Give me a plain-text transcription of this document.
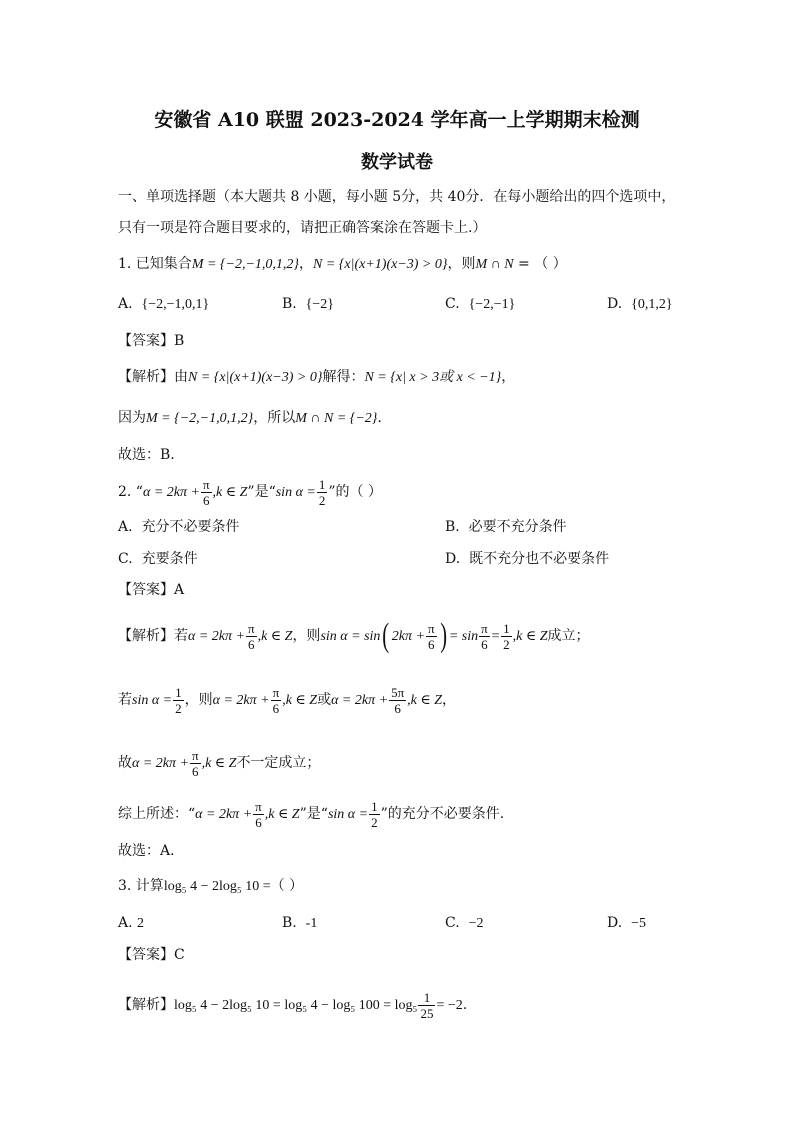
安徽省 A10 联盟 2023-2024 学年高一上学期期末检测
数学试卷
一、单项选择题（本大题共 8 小题，每小题 5分，共 40分．在每小题给出的四个选项中，
只有一项是符合题目要求的，请把正确答案涂在答题卡上.）
1. 已知集合M = {−2,−1,0,1,2}，N = {x|(x+1)(x−3) > 0}，则M ∩ N = （ ）
A. {−2,−1,0,1}	B. {−2}	C. {−2,−1}	D. {0,1,2}
【答案】B
【解析】由N = {x|(x+1)(x−3) > 0}解得：N = {x| x > 3或 x < −1}，
因为M = {−2,−1,0,1,2}，所以M ∩ N = {−2}.
故选：B.
2. “$\alpha = 2k\pi + \frac{\pi}{6} ,k$ ∈ Z”是“sin $\alpha = \frac{1}{2}$ ”的（ ）
A. 充分不必要条件	B. 必要不充分条件
C. 充要条件	D. 既不充分也不必要条件
【答案】A
【解析】若$\alpha = 2k\pi + \frac{\pi}{6} ,k$ ∈ Z，则sin α = sin( $2k\pi + \frac{\pi}{6}$ ) = $\sin \frac{\pi}{6} = \frac{1}{2} ,k$ ∈ Z成立；
若$\sin \alpha = \frac{1}{2}$ ，则$\alpha = 2k\pi + \frac{\pi}{6} ,k$ ∈ Z或$\alpha = 2k\pi + \frac{5\pi}{6} ,k$ ∈ Z，
故$\alpha = 2k\pi + \frac{\pi}{6} ,k$ ∈ Z不一定成立；
综上所述：“$\alpha = 2k\pi + \frac{\pi}{6} ,k$ ∈ Z”是“sin $\alpha = \frac{1}{2}$ ”的充分不必要条件.
故选：A.
3. 计算log₅ 4 − 2log₅ 10 =（ ）
A. 2	B. -1	C. −2	D. −5
【答案】C
【解析】log₅ 4 − 2log₅ 10 = log₅ 4 − log₅ $100 = \log_5 \frac{1}{25} = -2$.
